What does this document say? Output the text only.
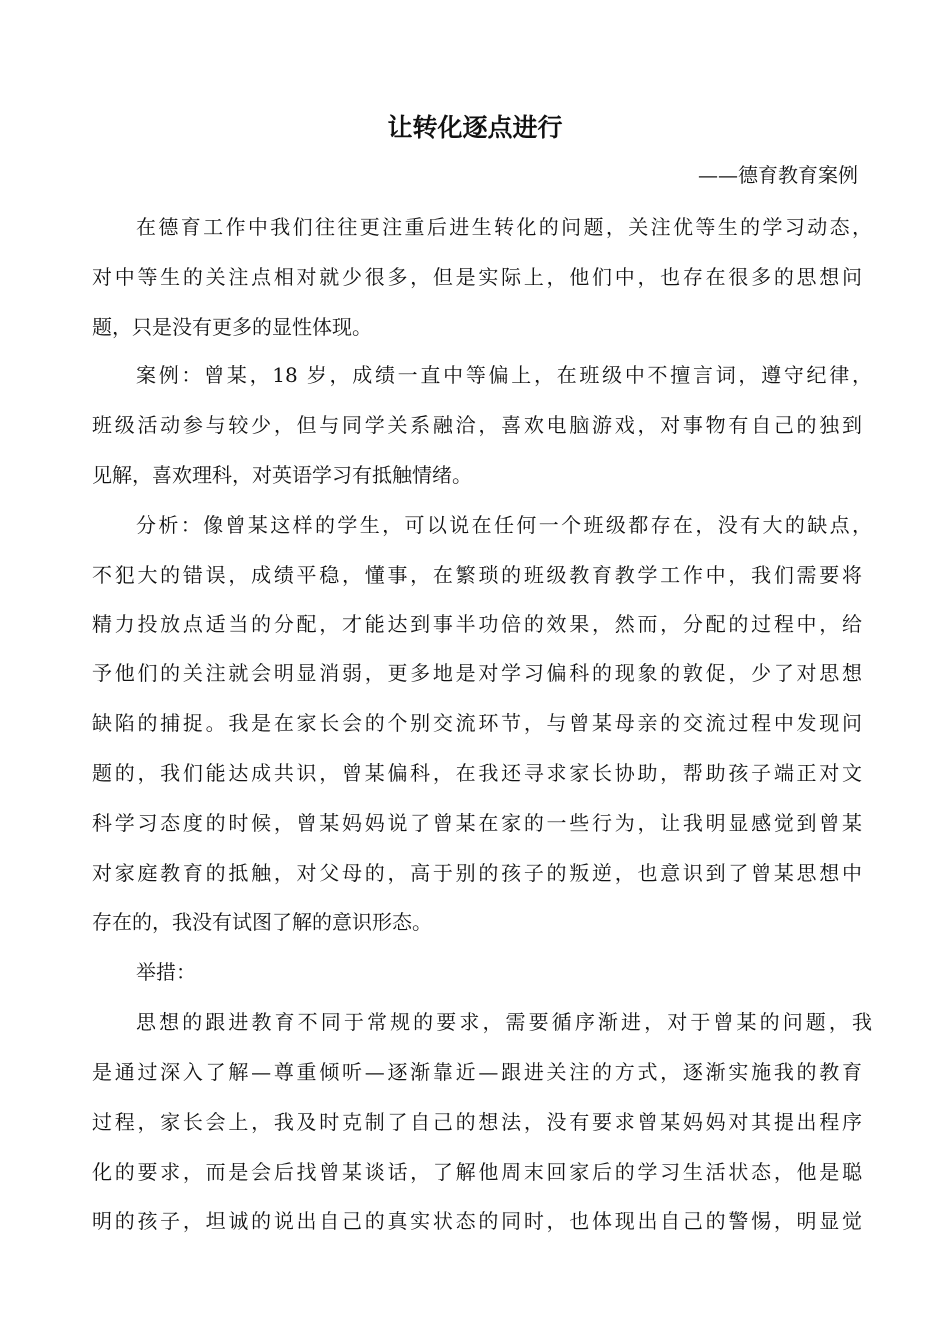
让转化逐点进行
——德育教育案例
在德育工作中我们往往更注重后进生转化的问题，关注优等生的学习动态，
对中等生的关注点相对就少很多，但是实际上，他们中，也存在很多的思想问
题，只是没有更多的显性体现。
案例：曾某，18 岁，成绩一直中等偏上，在班级中不擅言词，遵守纪律，
班级活动参与较少，但与同学关系融洽，喜欢电脑游戏，对事物有自己的独到
见解，喜欢理科，对英语学习有抵触情绪。
分析：像曾某这样的学生，可以说在任何一个班级都存在，没有大的缺点，
不犯大的错误，成绩平稳，懂事，在繁琐的班级教育教学工作中，我们需要将
精力投放点适当的分配，才能达到事半功倍的效果，然而，分配的过程中，给
予他们的关注就会明显消弱，更多地是对学习偏科的现象的敦促，少了对思想
缺陷的捕捉。我是在家长会的个别交流环节，与曾某母亲的交流过程中发现问
题的，我们能达成共识，曾某偏科，在我还寻求家长协助，帮助孩子端正对文
科学习态度的时候，曾某妈妈说了曾某在家的一些行为，让我明显感觉到曾某
对家庭教育的抵触，对父母的，高于别的孩子的叛逆，也意识到了曾某思想中
存在的，我没有试图了解的意识形态。
举措：
思想的跟进教育不同于常规的要求，需要循序渐进，对于曾某的问题，我
是通过深入了解—尊重倾听—逐渐靠近—跟进关注的方式，逐渐实施我的教育
过程，家长会上，我及时克制了自己的想法，没有要求曾某妈妈对其提出程序
化的要求，而是会后找曾某谈话，了解他周末回家后的学习生活状态，他是聪
明的孩子，坦诚的说出自己的真实状态的同时，也体现出自己的警惕，明显觉
